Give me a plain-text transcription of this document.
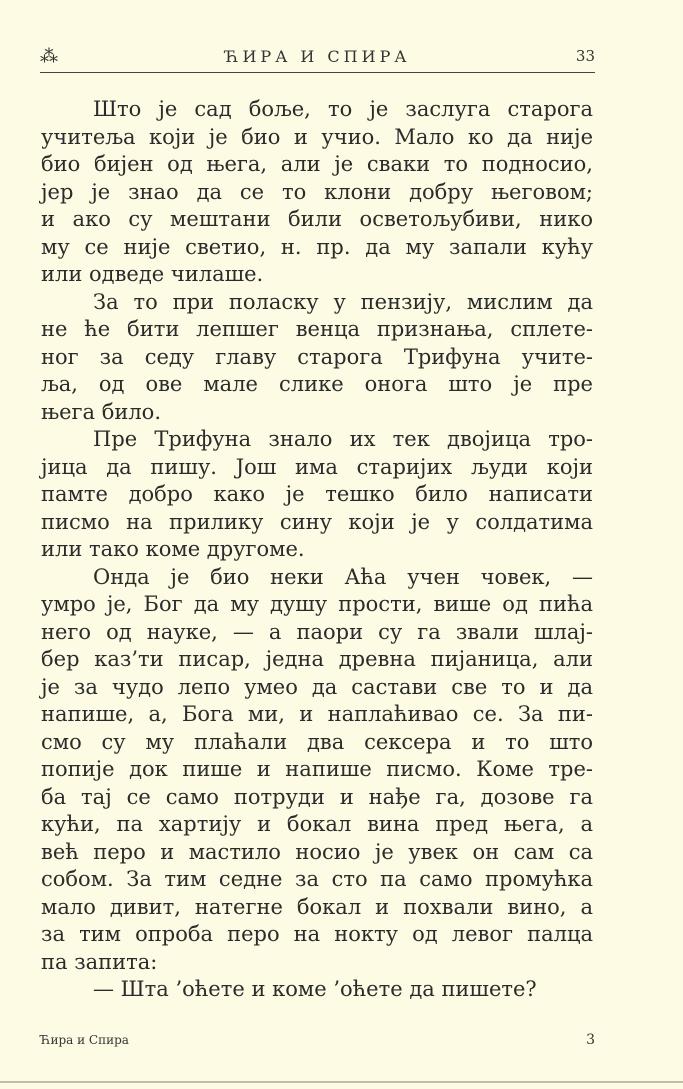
⁂	ЋИРА И СПИРА	33
Што је сад боље, то је заслуга старога
учитеља који је био и учио. Мало ко да није
био бијен од њега, али је сваки то подносио,
јер је знао да се то клони добру његовом;
и ако су мештани били осветољубиви, нико
му се није светио, н. пр. да му запали кућу
или одведе чилаше.
За то при поласку у пензију, мислим да
не ће бити лепшег венца признања, сплете-
ног за седу главу старога Трифуна учите-
ља, од ове мале слике онога што је пре
њега било.
Пре Трифуна знало их тек двојица тро-
јица да пишу. Још има старијих људи који
памте добро како је тешко било написати
писмо на прилику сину који је у солдатима
или тако коме другоме.
Онда је био неки Аћа учен човек, —
умро је, Бог да му душу прости, више од пића
него од науке, — а паори су га звали шлај-
бер каз’ти писар, једна древна пијаница, али
је за чудо лепо умео да састави све то и да
напише, а, Бога ми, и наплаћивао се. За пи-
смо су му плаћали два сексера и то што
попије док пише и напише писмо. Коме тре-
ба тај се само потруди и нађе га, дозове га
кући, па хартију и бокал вина пред њега, а
већ перо и мастило носио је увек он сам са
собом. За тим седне за сто па само промућка
мало дивит, натегне бокал и похвали вино, а
за тим опроба перо на нокту од левог палца
па запита:
— Шта ’оћете и коме ’оћете да пишете?
Ћира и Спира	3
